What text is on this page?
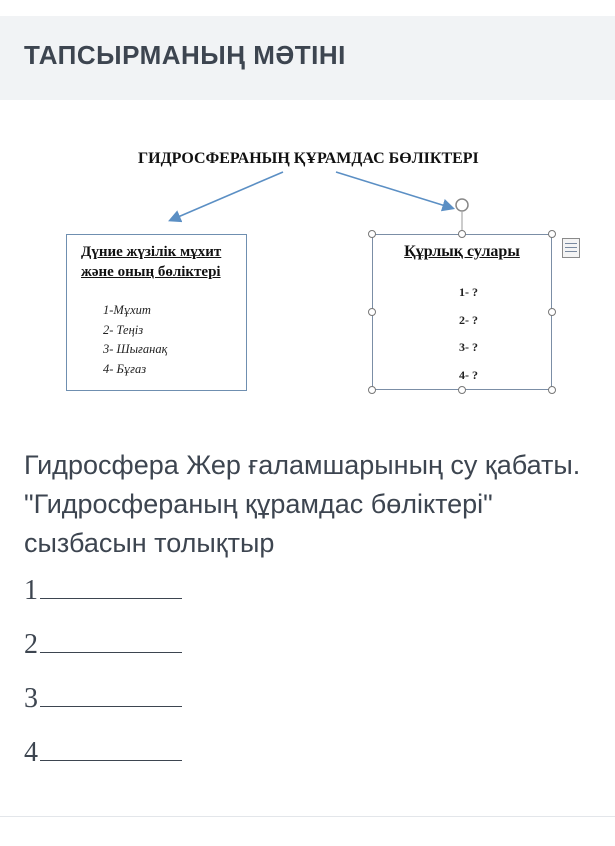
ТАПСЫРМАНЫҢ МӘТІНІ
ГИДРОСФЕРАНЫҢ ҚҰРАМДАС БӨЛІКТЕРІ
Дүние жүзілік мұхит
және оның бөліктері
1-Мұхит
2- Теңіз
3- Шығанақ
4- Бұғаз
Құрлық сулары
1- ?
2- ?
3- ?
4- ?
Гидросфера Жер ғаламшарының су қабаты. "Гидросфераның құрамдас бөліктері" сызбасын толықтыр
1
2
3
4
